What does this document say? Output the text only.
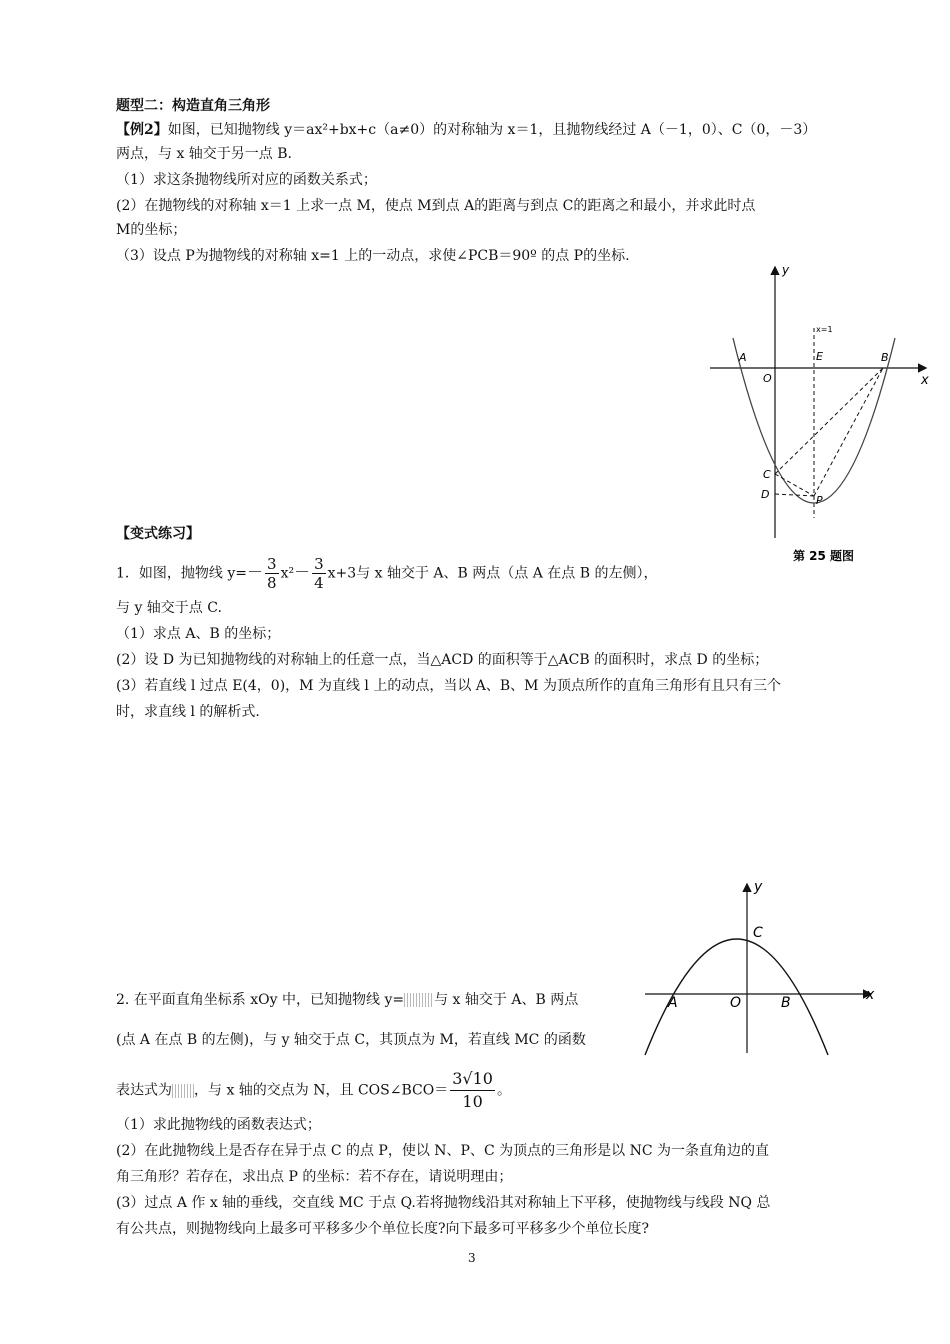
题型二：构造直角三角形
【例2】如图，已知抛物线 y＝ax²+bx+c（a≠0）的对称轴为 x＝1，且抛物线经过 A（－1，0）、C（0，－3）
两点，与 x 轴交于另一点 B.
（1）求这条抛物线所对应的函数关系式；
(2）在抛物线的对称轴 x＝1 上求一点 M，使点 M到点 A的距离与到点 C的距离之和最小，并求此时点
M的坐标；
（3）设点 P为抛物线的对称轴 x=1 上的一动点，求使∠PCB＝90º 的点 P的坐标.
y
x
O
A	B
C
D
E
P
x=1
第 25 题图
【变式练习】
1．如图，抛物线 $y=- \frac{3}{8} x^2- \frac{3}{4} x+3$与 x 轴交于 A、B 两点（点 A 在点 B 的左侧），
与 y 轴交于点 C.
（1）求点 A、B 的坐标；
(2）设 D 为已知抛物线的对称轴上的任意一点，当△ACD 的面积等于△ACB 的面积时，求点 D 的坐标；
(3）若直线 l 过点 E(4，0)，M 为直线 l 上的动点，当以 A、B、M 为顶点所作的直角三角形有且只有三个
时，求直线 l 的解析式.
y
x
O
A	B
C
2. 在平面直角坐标系 xOy 中，已知抛物线 y= 与 x 轴交于 A、B 两点
(点 A 在点 B 的左侧)，与 y 轴交于点 C，其顶点为 M，若直线 MC 的函数
表达式为 ，与 x 轴的交点为 N，且 COS∠BCO＝ $\frac{3√10}{10}$ 。
（1）求此抛物线的函数表达式；
(2）在此抛物线上是否存在异于点 C 的点 P，使以 N、P、C 为顶点的三角形是以 NC 为一条直角边的直
角三角形？若存在，求出点 P 的坐标：若不存在，请说明理由；
(3）过点 A 作 x 轴的垂线，交直线 MC 于点 Q.若将抛物线沿其对称轴上下平移，使抛物线与线段 NQ 总
有公共点，则抛物线向上最多可平移多少个单位长度?向下最多可平移多少个单位长度?
3
